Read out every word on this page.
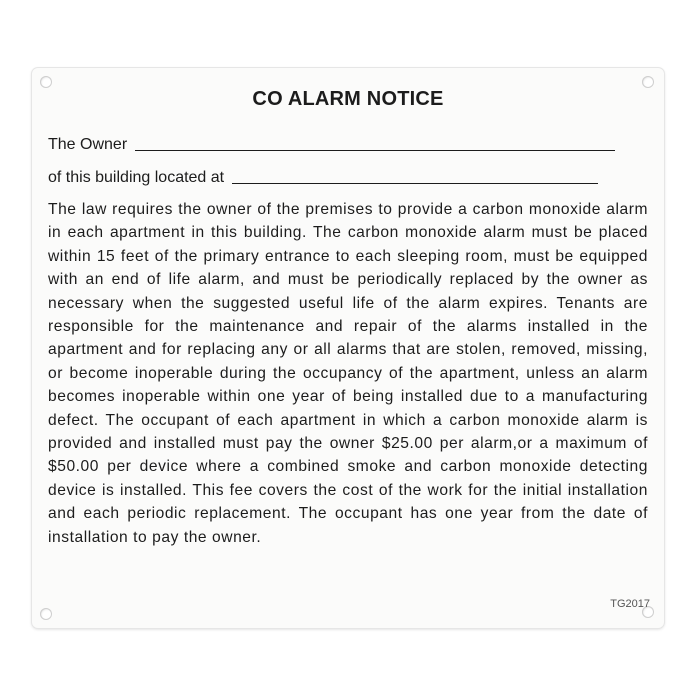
CO ALARM NOTICE
The Owner
of this building located at
The law requires the owner of the premises to provide a carbon monoxide alarm in each apartment in this building. The carbon monoxide alarm must be placed within 15 feet of the primary entrance to each sleeping room, must be equipped with an end of life alarm, and must be periodically replaced by the owner as necessary when the suggested useful life of the alarm expires. Tenants are responsible for the maintenance and repair of the alarms installed in the apartment and for replacing any or all alarms that are stolen, removed, missing, or become inoperable during the occupancy of the apartment, unless an alarm becomes inoperable within one year of being installed due to a manufacturing defect. The occupant of each apartment in which a carbon monoxide alarm is provided and installed must pay the owner $25.00 per alarm,or a maximum of $50.00 per device where a combined smoke and carbon monoxide detecting device is installed. This fee covers the cost of the work for the initial installation and each periodic replacement. The occupant has one year from the date of installation to pay the owner.
TG2017
